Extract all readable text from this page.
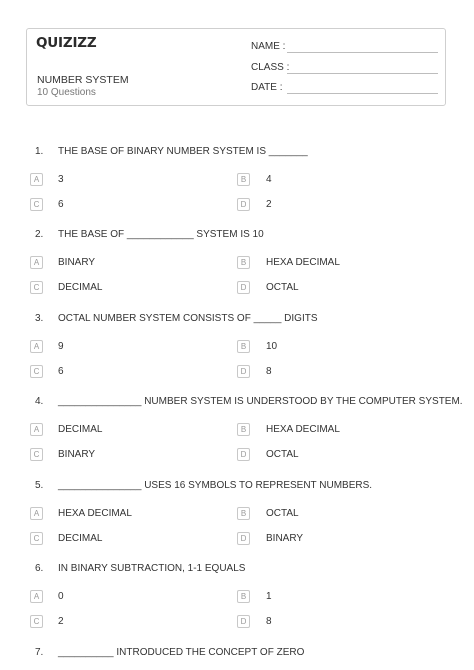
QUIZIZZ
NUMBER SYSTEM
10 Questions
NAME :
CLASS :
DATE :
1. THE BASE OF BINARY NUMBER SYSTEM IS _______
A	3	B	4
C	6	D	2
2. THE BASE OF ____________ SYSTEM IS 10
A	BINARY	B	HEXA DECIMAL
C	DECIMAL	D	OCTAL
3. OCTAL NUMBER SYSTEM CONSISTS OF _____ DIGITS
A	9	B	10
C	6	D	8
4. _______________ NUMBER SYSTEM IS UNDERSTOOD BY THE COMPUTER SYSTEM.
A	DECIMAL	B	HEXA DECIMAL
C	BINARY	D	OCTAL
5. _______________ USES 16 SYMBOLS TO REPRESENT NUMBERS.
A	HEXA DECIMAL	B	OCTAL
C	DECIMAL	D	BINARY
6. IN BINARY SUBTRACTION, 1-1 EQUALS
A	0	B	1
C	2	D	8
7. __________ INTRODUCED THE CONCEPT OF ZERO
